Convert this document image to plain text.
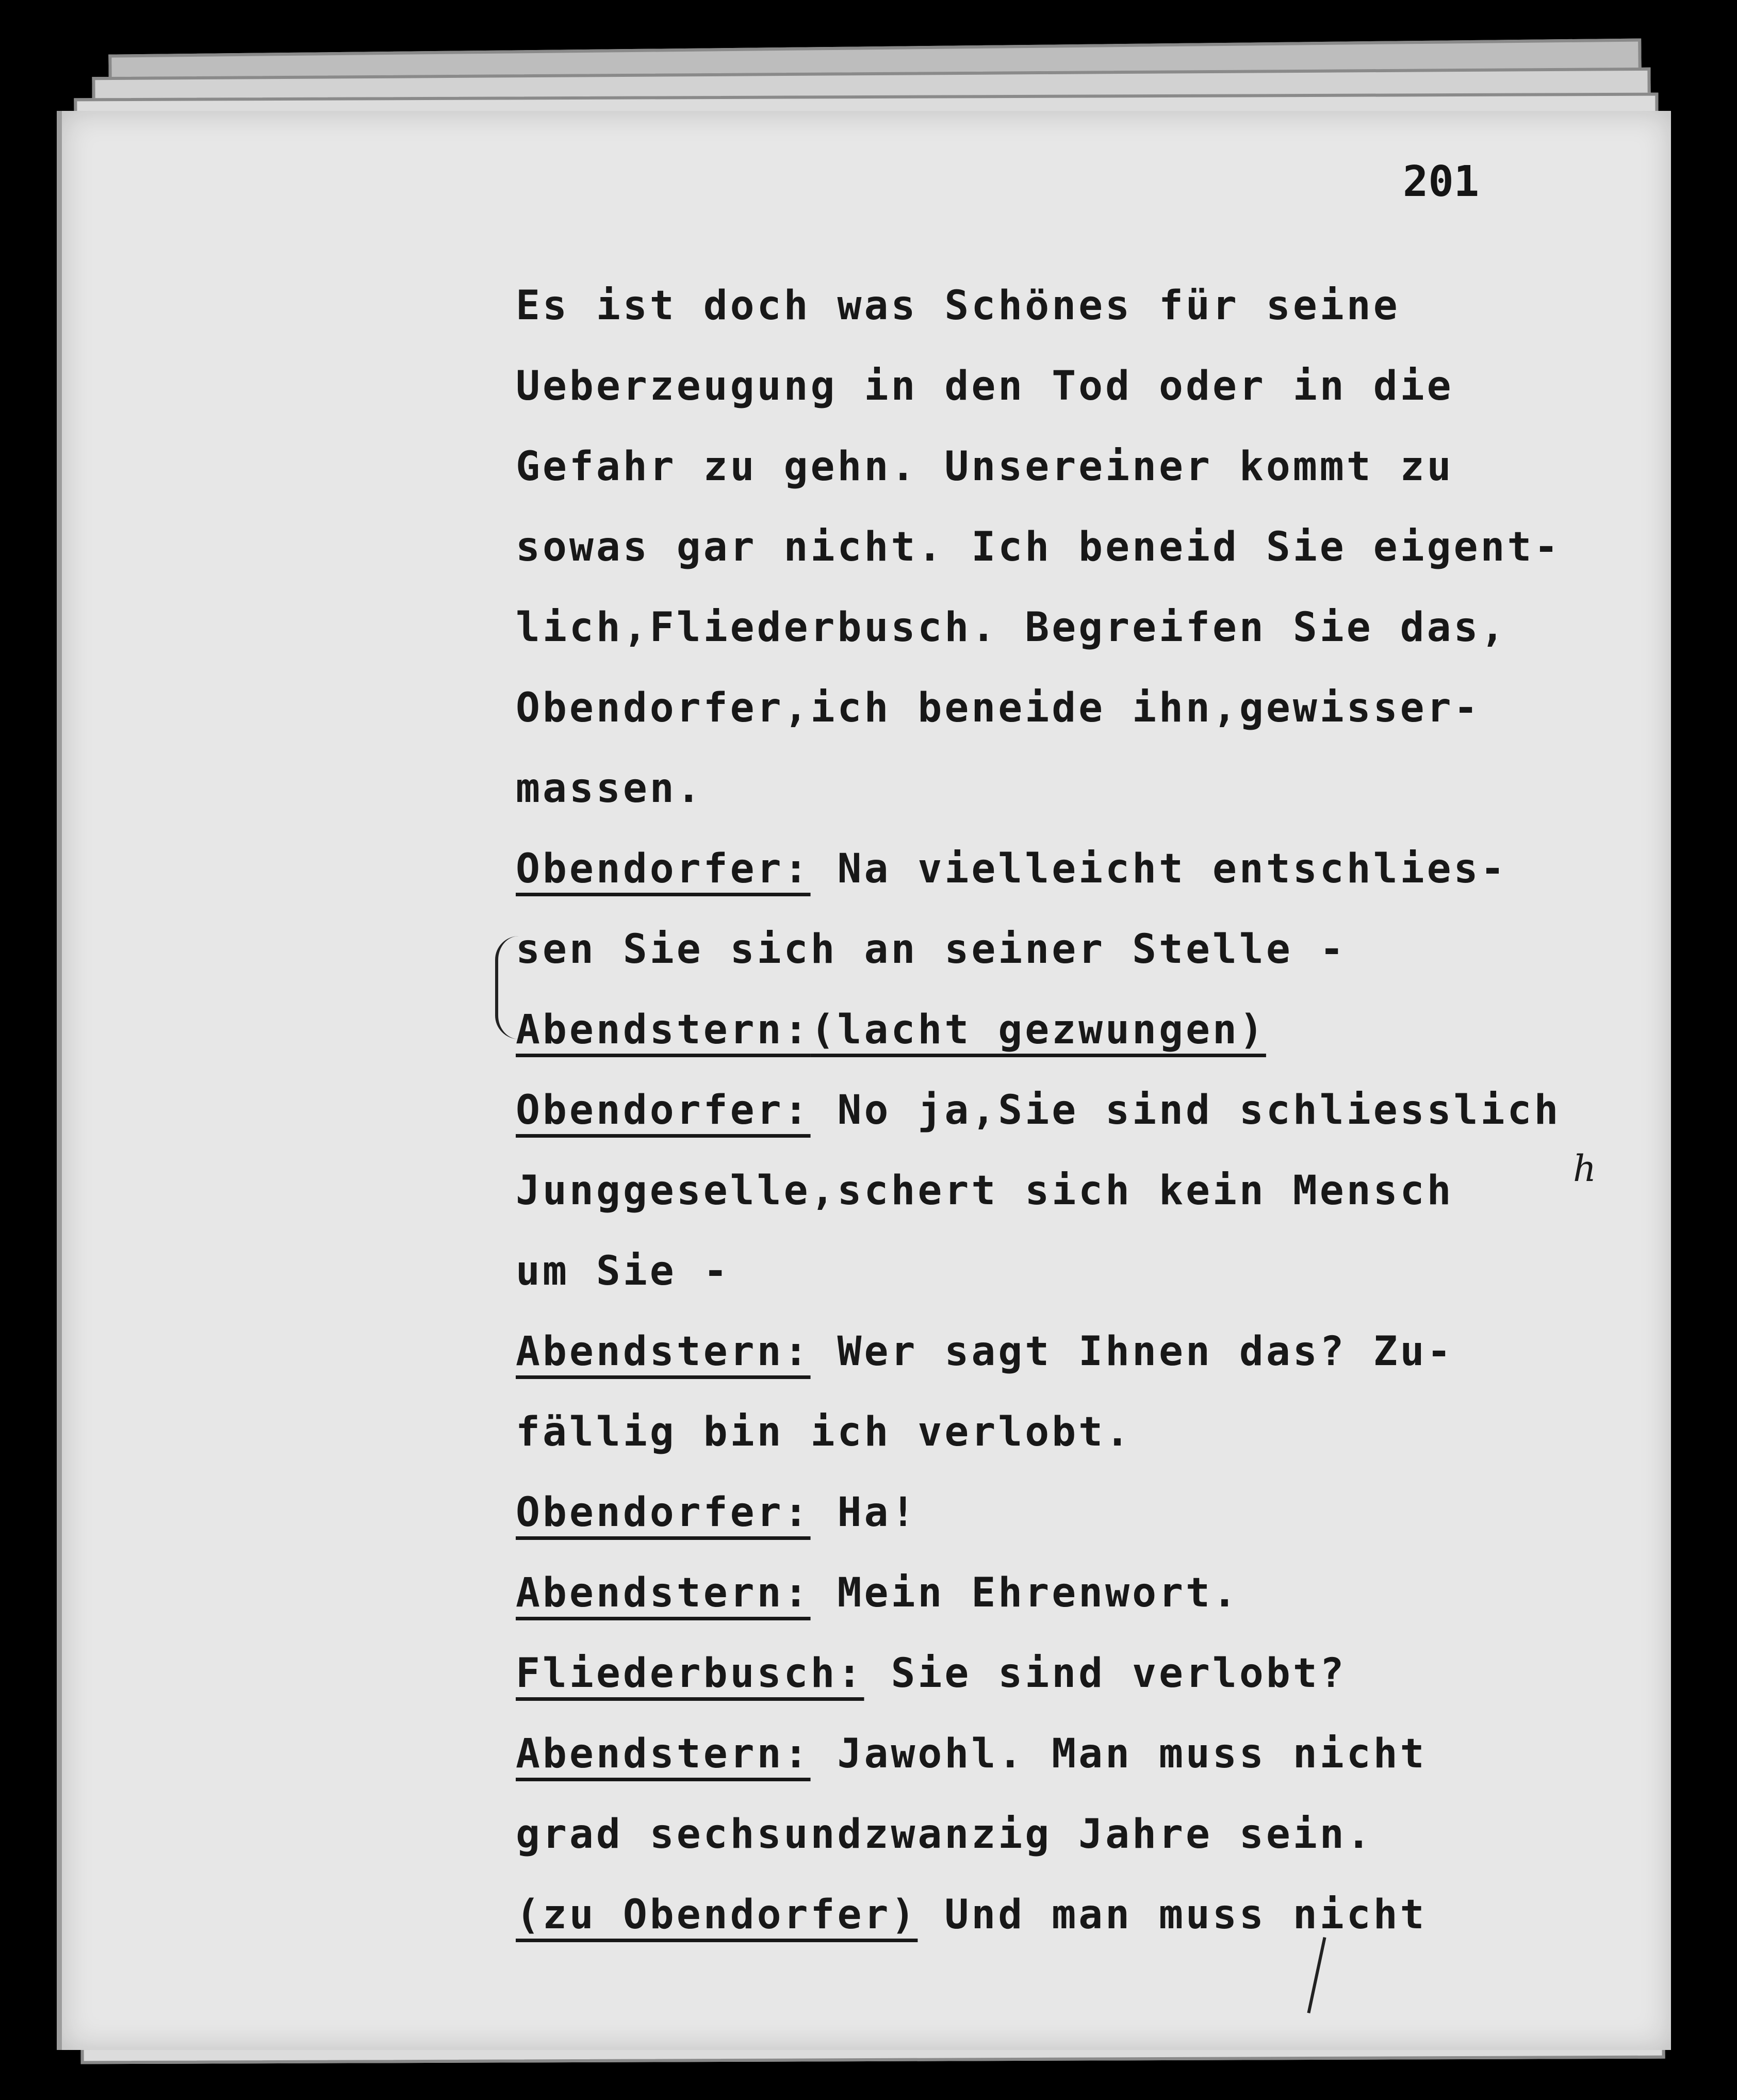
201
h
Es ist doch was Schönes für seine
Ueberzeugung in den Tod oder in die
Gefahr zu gehn. Unsereiner kommt zu
sowas gar nicht. Ich beneid Sie eigent-
lich,Fliederbusch. Begreifen Sie das,
Obendorfer,ich beneide ihn,gewisser-
massen.
Obendorfer: Na vielleicht entschlies-
sen Sie sich an seiner Stelle -
Abendstern:(lacht gezwungen)
Obendorfer: No ja,Sie sind schliesslich
Junggeselle,schert sich kein Mensch
um Sie -
Abendstern: Wer sagt Ihnen das? Zu-
fällig bin ich verlobt.
Obendorfer: Ha!
Abendstern: Mein Ehrenwort.
Fliederbusch: Sie sind verlobt?
Abendstern: Jawohl. Man muss nicht
grad sechsundzwanzig Jahre sein.
(zu Obendorfer) Und man muss nicht
